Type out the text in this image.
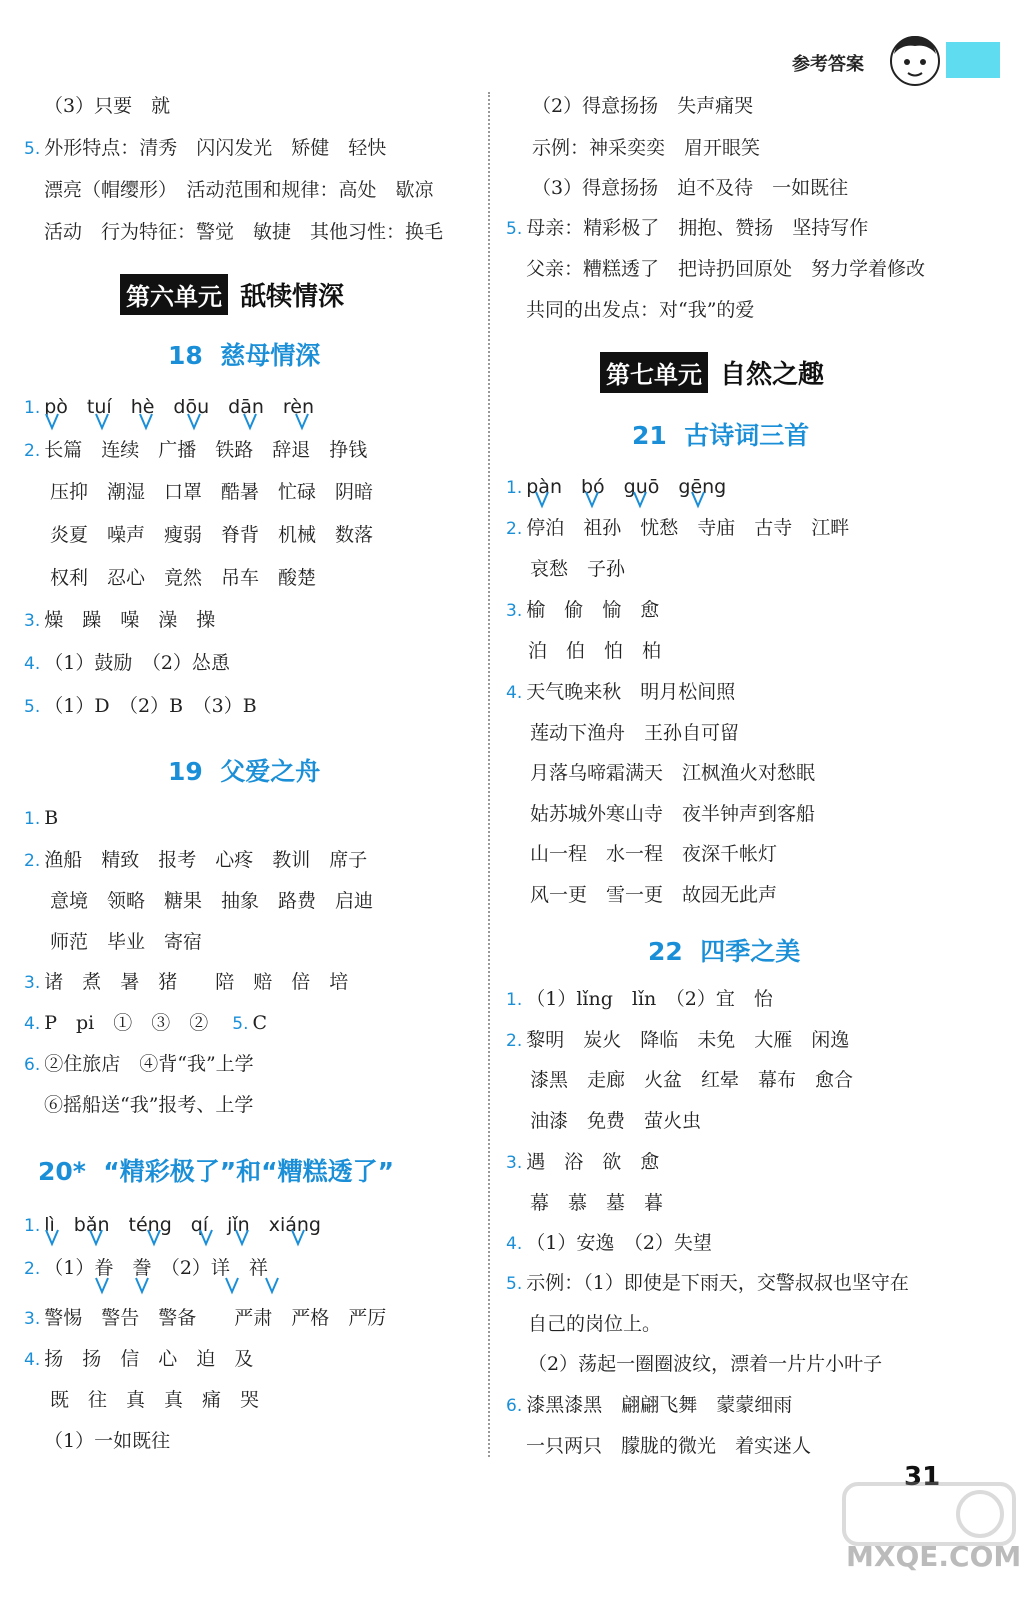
参考答案
（3）只要　就
5. 外形特点：清秀　闪闪发光　矫健　轻快
漂亮（帽缨形）　活动范围和规律：高处　歇凉
活动　行为特征：警觉　敏捷　其他习性：换毛
第六单元 舐犊情深
18  慈母情深
1. pò　tuí　hè　dōu　dān　rèn
2. 长篇　连续　广播　铁路　辞退　挣钱
压抑　潮湿　口罩　酷暑　忙碌　阴暗
炎夏　噪声　瘦弱　脊背　机械　数落
权利　忍心　竟然　吊车　酸楚
3. 燥　躁　噪　澡　操
4. （1）鼓励　（2）怂恿
5. （1）D　（2）B　（3）B
19  父爱之舟
1. B
2. 渔船　精致　报考　心疼　教训　席子
意境　领略　糖果　抽象　路费　启迪
师范　毕业　寄宿
3. 诸　煮　暑　猪　　陪　赔　倍　培
4. P　pi　①　③　② 5. C
6. ②住旅店　④背“我”上学
⑥摇船送“我”报考、上学
20*  “精彩极了”和“糟糕透了”
1. lì　bǎn　téng　qí　jǐn　xiáng
2. （1）眷　誊　（2）详　祥
3. 警惕　警告　警备　　严肃　严格　严厉
4. 扬　扬　信　心　迫　及
既　往　真　真　痛　哭
（1）一如既往
（2）得意扬扬　失声痛哭
示例：神采奕奕　眉开眼笑
（3）得意扬扬　迫不及待　一如既往
5. 母亲：精彩极了　拥抱、赞扬　坚持写作
父亲：糟糕透了　把诗扔回原处　努力学着修改
共同的出发点：对“我”的爱
第七单元 自然之趣
21  古诗词三首
1. pàn　bó　guō　gēng
2. 停泊　祖孙　忧愁　寺庙　古寺　江畔
哀愁　子孙
3. 榆　偷　愉　愈
泊　伯　怕　柏
4. 天气晚来秋　明月松间照
莲动下渔舟　王孙自可留
月落乌啼霜满天　江枫渔火对愁眠
姑苏城外寒山寺　夜半钟声到客船
山一程　水一程　夜深千帐灯
风一更　雪一更　故园无此声
22  四季之美
1. （1）lǐng　lǐn　（2）宜　怡
2. 黎明　炭火　降临　未免　大雁　闲逸
漆黑　走廊　火盆　红晕　幕布　愈合
油漆　免费　萤火虫
3. 遇　浴　欲　愈
幕　慕　墓　暮
4. （1）安逸　（2）失望
5. 示例：（1）即使是下雨天，交警叔叔也坚守在
自己的岗位上。
（2）荡起一圈圈波纹，漂着一片片小叶子
6. 漆黑漆黑　翩翩飞舞　蒙蒙细雨
一只两只　朦胧的微光　着实迷人
31
MXQE.COM
